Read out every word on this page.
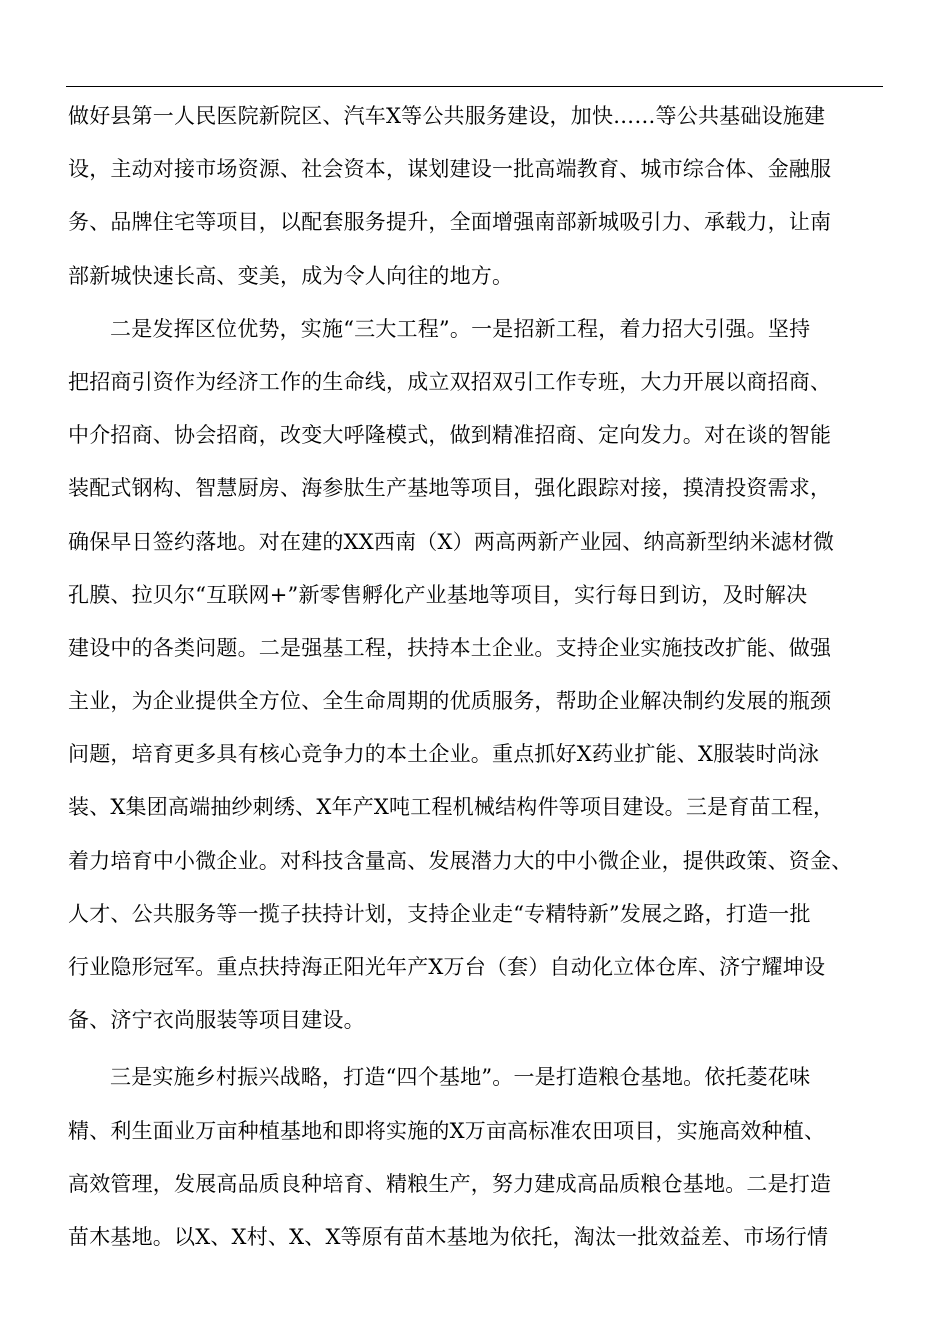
做好县第一人民医院新院区、汽车X等公共服务建设，加快……等公共基础设施建
设，主动对接市场资源、社会资本，谋划建设一批高端教育、城市综合体、金融服
务、品牌住宅等项目，以配套服务提升，全面增强南部新城吸引力、承载力，让南
部新城快速长高、变美，成为令人向往的地方。
二是发挥区位优势，实施“三大工程”。一是招新工程，着力招大引强。坚持
把招商引资作为经济工作的生命线，成立双招双引工作专班，大力开展以商招商、
中介招商、协会招商，改变大呼隆模式，做到精准招商、定向发力。对在谈的智能
装配式钢构、智慧厨房、海参肽生产基地等项目，强化跟踪对接，摸清投资需求，
确保早日签约落地。对在建的XX西南（X）两高两新产业园、纳高新型纳米滤材微
孔膜、拉贝尔“互联网+”新零售孵化产业基地等项目，实行每日到访，及时解决
建设中的各类问题。二是强基工程，扶持本土企业。支持企业实施技改扩能、做强
主业，为企业提供全方位、全生命周期的优质服务，帮助企业解决制约发展的瓶颈
问题，培育更多具有核心竞争力的本土企业。重点抓好X药业扩能、X服装时尚泳
装、X集团高端抽纱刺绣、X年产X吨工程机械结构件等项目建设。三是育苗工程，
着力培育中小微企业。对科技含量高、发展潜力大的中小微企业，提供政策、资金、
人才、公共服务等一揽子扶持计划，支持企业走“专精特新”发展之路，打造一批
行业隐形冠军。重点扶持海正阳光年产X万台（套）自动化立体仓库、济宁耀坤设
备、济宁衣尚服装等项目建设。
三是实施乡村振兴战略，打造“四个基地”。一是打造粮仓基地。依托菱花味
精、利生面业万亩种植基地和即将实施的X万亩高标准农田项目，实施高效种植、
高效管理，发展高品质良种培育、精粮生产，努力建成高品质粮仓基地。二是打造
苗木基地。以X、X村、X、X等原有苗木基地为依托，淘汰一批效益差、市场行情
